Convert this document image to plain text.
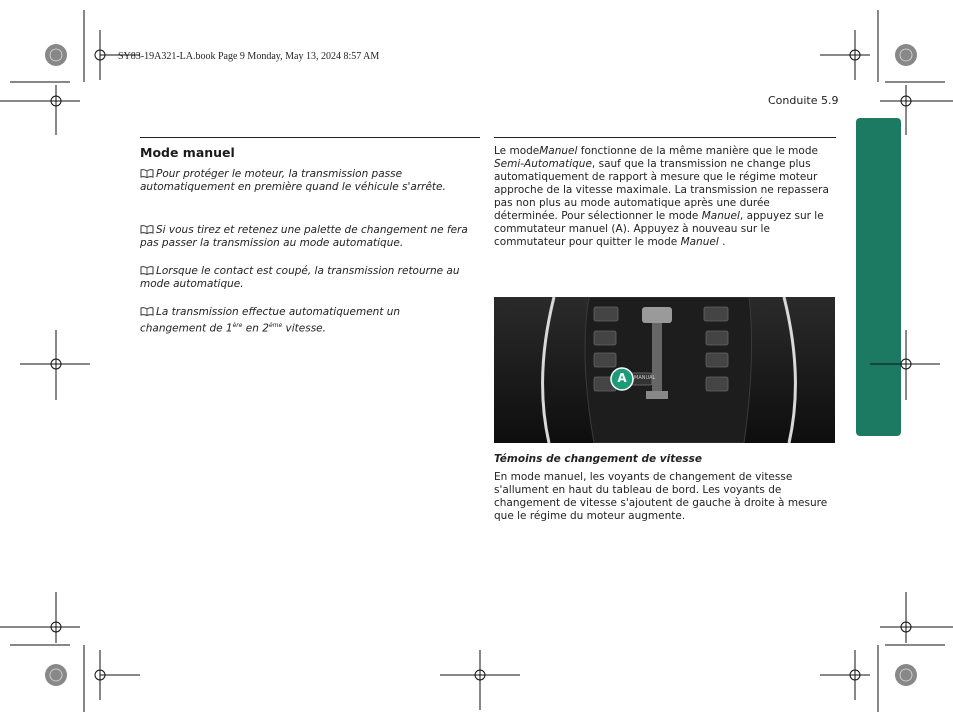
SY83-19A321-LA.book Page 9 Monday, May 13, 2024 8:57 AM
Conduite 5.9
Mode manuel
Pour protéger le moteur, la transmission passe automatiquement en première quand le véhicule s'arrête.
Si vous tirez et retenez une palette de changement ne fera pas passer la transmission au mode automatique.
Lorsque le contact est coupé, la transmission retourne au mode automatique.
La transmission effectue automatiquement un changement de 1ère en 2ème vitesse.
Le modeManuel fonctionne de la même manière que le mode Semi-Automatique, sauf que la transmission ne change plus automatiquement de rapport à mesure que le régime moteur approche de la vitesse maximale. La transmission ne repassera pas non plus au mode automatique après une durée déterminée. Pour sélectionner le mode Manuel, appuyez sur le commutateur manuel (A). Appuyez à nouveau sur le commutateur pour quitter le mode Manuel .
A MANUAL
Témoins de changement de vitesse
En mode manuel, les voyants de changement de vitesse s'allument en haut du tableau de bord. Les voyants de changement de vitesse s'ajoutent de gauche à droite à mesure que le régime du moteur augmente.
